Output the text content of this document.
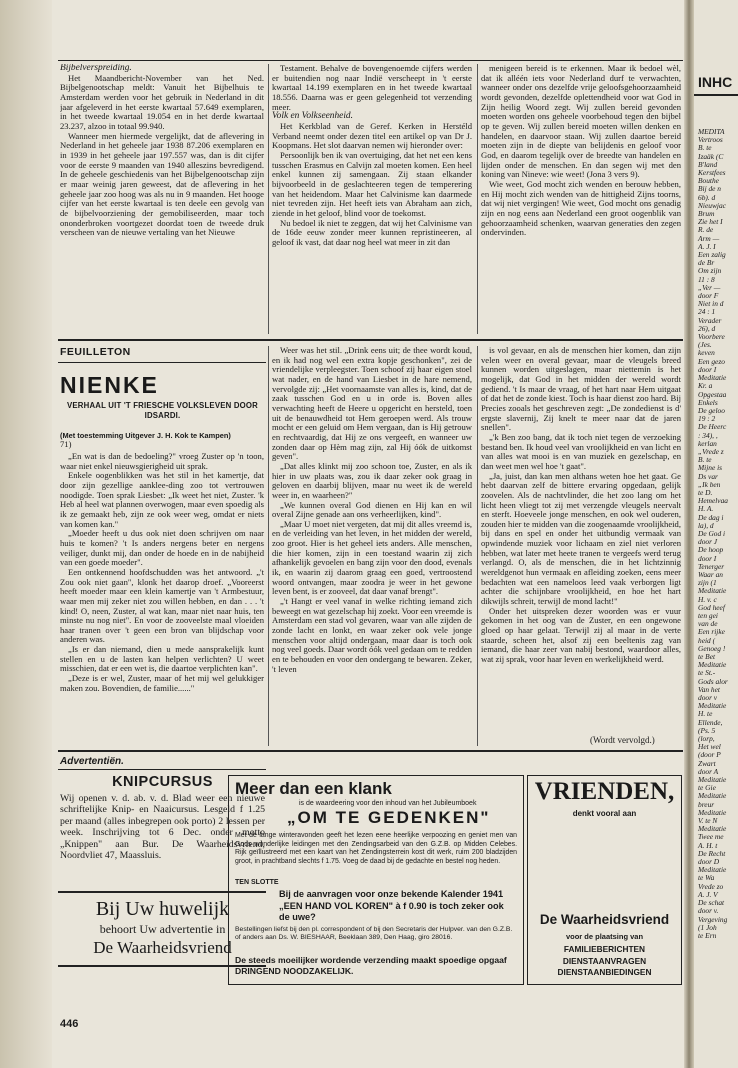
Bijbelverspreiding.

Het Maandbericht-November van het Ned. Bijbelgenootschap meldt: Vanuit het Bijbelhuis te Amsterdam werden voor het gebruik in Nederland in dit jaar afgeleverd in het eerste kwartaal 57.649 exemplaren, in het tweede kwartaal 19.054 en in het derde kwartaal 23.237, alzoo in totaal 99.940.

Wanneer men hiermede vergelijkt, dat de aflevering in Nederland in het geheele jaar 1938 87.206 exemplaren en in 1939 in het geheele jaar 197.557 was, dan is dit cijfer voor de eerste 9 maanden van 1940 alleszins bevredigend. In de geheele geschiedenis van het Bijbelgenootschap zijn er maar weinig jaren geweest, dat de aflevering in het geheele jaar zoo hoog was als nu in 9 maanden. Het hooge cijfer van het eerste kwartaal is ten deele een gevolg van de bijbelvoorziening der gemobiliseerden, maar toch ononderbroken voortgezet doordat toen de tweede druk verscheen van de nieuwe vertaling van het Nieuwe

Testament. Behalve de bovengenoemde cijfers werden er buitendien nog naar Indië verscheept in 't eerste kwartaal 14.199 exemplaren en in het tweede kwartaal 18.556. Daarna was er geen gelegenheid tot verzending meer.

Volk en Volkseenheid.

Het Kerkblad van de Geref. Kerken in Herstéld Verband neemt onder dezen titel een artikel op van Dr J. Koopmans. Het slot daarvan nemen wij hieronder over:

Persoonlijk ben ik van overtuiging, dat het net een kens tusschen Erasmus en Calvijn zal moeten komen. Een heel enkel kunnen zij samengaan. Zij staan elkander bijvoorbeeld in de geslachteeren tegen de temperering van het heidendom. Maar het Calvinisme kan daarmede niet tevreden zijn. Het heeft iets van Abraham aan zich, ziende in het geloof, blind voor de toekomst.

Nu bedoel ik niet te zeggen, dat wij het Calvinisme van de 16de eeuw zonder meer kunnen repristineeren, al geloof ik vast, dat daar nog heel wat meer in zit dan

menigeen bereid is te erkennen. Maar ik bedoel wèl, dat ik alléén iets voor Nederland durf te verwachten, wanneer onder ons dezelfde vrije geloofsgehoorzaamheid wordt gevonden, dezelfde oplettendheid voor wat God in Zijn heilig Woord zegt. Wij zullen bereid gevonden moeten worden ons geheele voorbehoud tegen den bijbel op te geven. Wij zullen bereid moeten willen denken en handelen, en daarvoor staan. Wij zullen daartoe bereid moeten zijn in de diepte van belijdenis en geloof voor God, en daarom tegelijk over de breedte van handelen en lijden onder de menschen. En dan segen wij met den koning van Nineve: wie weet! (Jona 3 vers 9).

Wie weet, God mocht zich wenden en berouw hebben, en Hij mocht zich wenden van de hittigheid Zijns toorns, dat wij niet vergingen! Wie weet, God mocht ons genadig zijn en nog eens aan Nederland een groot oogenblik van gehoorzaamheid schenken, waarvan generaties den zegen ondervinden.

FEUILLETON
NIENKE
VERHAAL UIT 'T FRIESCHE VOLKSLEVEN DOOR IDSARDI.
(Met toestemming Uitgever J. H. Kok te Kampen)
71)

„En wat is dan de bedoeling?" vroeg Zuster op 'n toon, waar niet enkel nieuwsgierigheid uit sprak.

Enkele oogenblikken was het stil in het kamertje, dat door zijn gezellige aanklee-ding zoo tot vertrouwen noodigde. Toen sprak Liesbet: „Ik weet het niet, Zuster. 'k Heb al heel wat plannen overwogen, maar even spoedig als ik ze gemaakt heb, zijn ze ook weer weg, omdat er niets van komen kan."

„Moeder heeft u dus ook niet doen schrijven om naar huis te komen? 't Is anders nergens beter en nergens veiliger, dunkt mij, dan onder de hoede en in de nabijheid van een goede moeder".

Een ontkennend hoofdschudden was het antwoord. „'t Zou ook niet gaan", klonk het daarop droef. „Vooreerst heeft moeder maar een klein kamertje van 't Armbestuur, waar men mij zeker niet zou willen hebben, en dan . . . 't kind! O, neen, Zuster, al wat kan, maar niet naar huis, ten minste nu nog niet". En voor de zooveelste maal vloeiden haar tranen over 't geen een bron van blijdschap voor anderen was.

„Is er dan niemand, dien u mede aansprakelijk kunt stellen en u de lasten kan helpen verlichten? U weet misschien, dat er een wet is, die daartoe verplichten kan".

„Deze is er wel, Zuster, maar of het mij wel gelukkiger maken zou. Bovendien, de familie......"

Weer was het stil. „Drink eens uit; de thee wordt koud, en ik had nog wel een extra kopje geschonken", zei de vriendelijke verpleegster. Toen schoof zij haar eigen stoel wat nader, en de hand van Liesbet in de hare nemend, vervolgde zij: „Het voornaamste van alles is, kind, dat de zaak tusschen God en u in orde is. Boven alles verwachting heeft de Heere u opgericht en hersteld, toen uit de benauwdheid tot Hem geroepen werd. Als trouw mocht er een geluid om Hem vergaan, dan is Hij getrouw en rechtvaardig, dat Hij ze ons vergeeft, en wanneer uw zonden daar op Hèm mag zijn, zal Hij óók de uitkomst geven".

„Dat alles klinkt mij zoo schoon toe, Zuster, en als ik hier in uw plaats was, zou ik daar zeker ook graag in geloven en daarbij blijven, maar nu weet ik de wereld weer in, en waarheen?"

„We kunnen overal God dienen en Hij kan en wil overal Zijne genade aan ons verheerlijken, kind".

„Maar U moet niet vergeten, dat mij dit alles vreemd is, en de verleiding van het leven, in het midden der wereld, zoo groot. Hier is het geheel iets anders. Alle menschen, die hier komen, zijn in een toestand waarin zij zich afhankelijk gevoelen en bang zijn voor den dood, evenals ik, en waarin zij daarom graag een goed, vertroostend woord ontvangen, maar zoodra je weer in het gewone leven bent, is er zooveel, dat daar vanaf brengt".

„'t Hangt er veel vanaf in welke richting iemand zich beweegt en wat gezelschap hij zoekt. Voor een vreemde is Amsterdam een stad vol gevaren, waar van alle zijden de zonde lacht en lonkt, en waar zeker ook vele jonge menschen voor altijd ondergaan, maar daar is toch ook nog veel goeds. Daar wordt óók veel gedaan om te redden en te behouden en voor den ondergang te bewaren. Zeker, 't leven

is vol gevaar, en als de menschen hier komen, dan zijn velen weer en overal gevaar, maar de vleugels breed kunnen worden uitgeslagen, maar niettemin is het mogelijk, dat God in het midden der wereld wordt gediend. 't Is maar de vraag, of het hart naar Hem uitgaat of dat het de zonde kiest. Toch is haar dienst zoo hard. Bij Precies zooals het geschreven zegt: „De zondedienst is d' ergste slavernij, Zij knelt te meer naar dat de jaren snellen".

„'k Ben zoo bang, dat ik toch niet tegen de verzoeking bestand ben. Ik houd veel van vroolijkheid en van licht en van alles wat mooi is en van muziek en gezelschap, en dan weet men wel hoe 't gaat".

„Ja, juist, dan kan men althans weten hoe het gaat. Ge hebt daarvan zelf de bittere ervaring opgedaan, gelijk zoovelen. Als de nachtvlinder, die het zoo lang om het licht heen vliegt tot zij met verzengde vleugels neervalt en sterft. Hoeveele jonge menschen, en ook wel ouderen, zouden hier te midden van die zoogenaamde vroolijkheid, bij dans en spel en onder het uitbundig vermaak van opwindende muziek voor lichaam en ziel niet verloren hebben, wat later met heete tranen te vergeefs werd terug verlangd. O, als de menschen, die in het lichtzinnig wereldgenot hun vermaak en afleiding zoeken, eens meer bedachten wat een nameloos leed vaak verborgen ligt achter die schijnbare vroolijkheid, en hoe het hart dikwijls schreit, terwijl de mond lacht!"

Onder het uitspreken dezer woorden was er vuur gekomen in het oog van de Zuster, en een ongewone gloed op haar gelaat. Terwijl zij al maar in de verte staarde, scheen het, alsof zij een beeltenis zag van iemand, die haar zeer van nabij bestond, waardoor alles, wat zij sprak, voor haar leven en werkelijkheid werd.

(Wordt vervolgd.)
Advertentiën.
KNIPCURSUS
Wij openen v. d. ab. v. d. Blad weer een nieuwe schriftelijke Knip- en Naaicursus. Lesgeld f 1.25 per maand (alles inbegrepen ook porto) 2 lessen per week. Inschrijving tot 6 Dec. onder motto „Knippen" aan Bur. De Waarheidsvriend, Noordvliet 47, Maassluis.
Bij Uw huwelijk
behoort Uw advertentie in
De Waarheidsvriend
446
Meer dan een klank
is de waardeering voor den inhoud van het Jubileumboek
„OM TE GEDENKEN"
Met de lange winteravonden geeft het lezen eene heerlijke verpoozing en geniet men van Gods wonderlijke leidingen met den Zendingsarbeid van den G.Z.B. op Midden Celebes. Rijk geïllustreerd met een kaart van het Zendingsterrein kost dit werk, ruim 200 bladzijden groot, in prachtband slechts f 1.75. Voeg de daad bij de gedachte en bestel nog heden.
TEN SLOTTE
Bij de aanvragen voor onze bekende Kalender 1941 „EEN HAND VOL KOREN" à f 0.90 is toch zeker ook de uwe?
Bestellingen liefst bij den pl. correspondent of bij den Secretaris der Hulpver. van den G.Z.B. of anders aan Ds. W. BIESHAAR, Beeklaan 389, Den Haag, giro 28016.
De steeds moeilijker wordende verzending maakt spoedige opgaaf DRINGEND NOODZAKELIJK.
VRIENDEN,
denkt vooral aan
De Waarheidsvriend
voor de plaatsing van
FAMILIEBERICHTEN
DIENSTAANVRAGEN
DIENSTAANBIEDINGEN
INHC
MEDITA
Vertroos
B. te
Izaäk (C
B'land
Kerstfees
Bouthe
Bij de n
6b). d
Nieuwjac
Brum
Zie het I
R. de
Arm —
A. J. I
Een zalig
de Br
Om zijn
11 : 8
„Ver —
door F
Niet in d
24 : 1
Verader
26), d
Voorbere
(Jes.
keven
Een gezo
door I
Meditatie
Kr. a
Opgestaa
Enkels
De geloo
19 : 2
De Heerc
: 34), ,
kerlan
„Vrede z
B. te
Mijne is
Ds var
„Ik ben
te D.
Hemelvaa
H. A.
De dag i
la), d
De God i
door J
De hoop
door I
Tenerger
Waar an
zijn (1
Meditatie
H. v. c
God heef
ten gei
van de
Een rijke
heid (
Genoeg !
te Bet
Meditatie
te St.-
Gods alor
Van het
door v
Meditatie
H. te
Ellende,
(Ps. 5
(lorp,
Het wel
(door P
Zwart
door A
Meditatie
te Gie
Meditatie
breur
Meditatie
V. te N
Meditatie
Twee me
A. H. t
De Recht
door D
Meditatie
te Wa
Vrede zo
A. J. V
De schat
door v.
Vergeving
(1 Joh
te Ern
